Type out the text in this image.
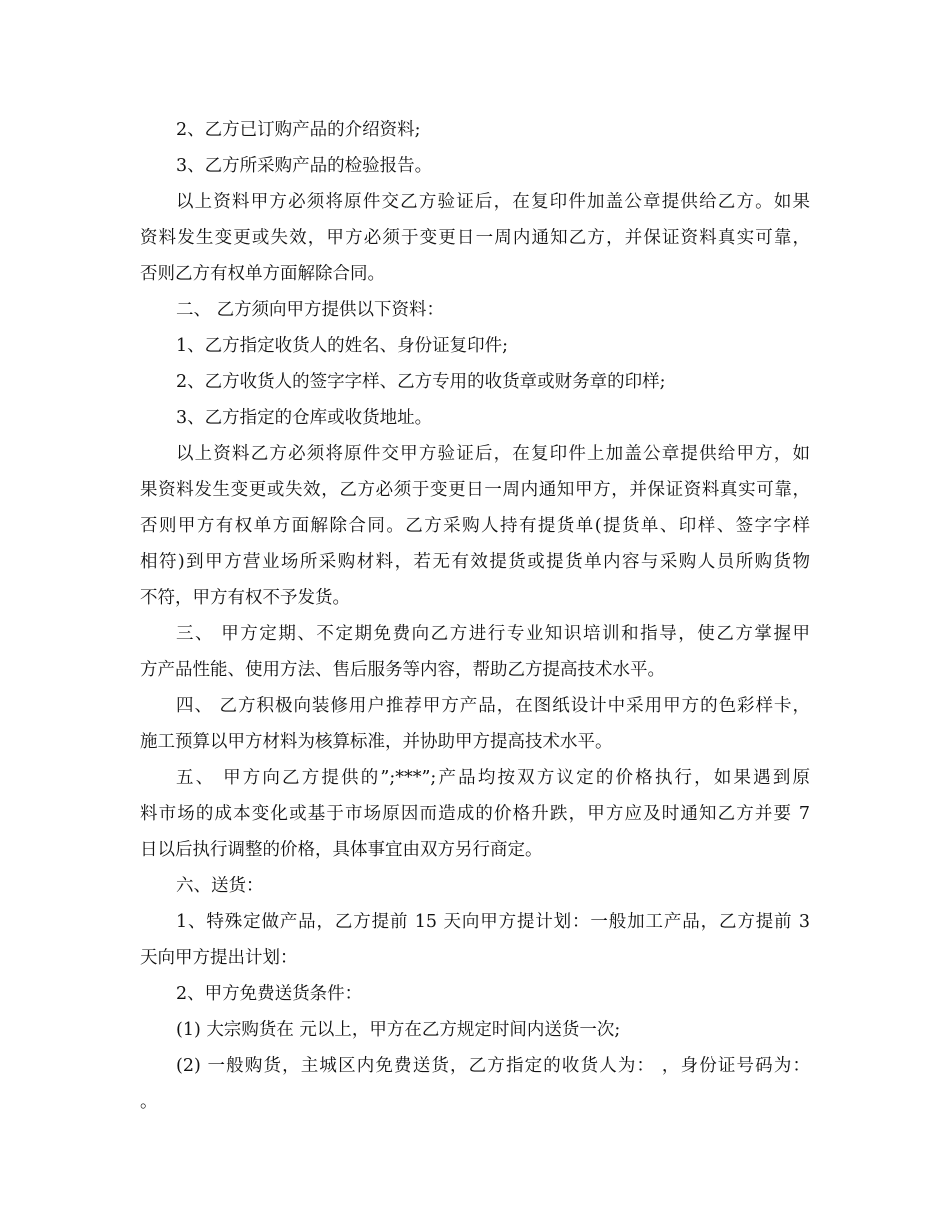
2、乙方已订购产品的介绍资料;
3、乙方所采购产品的检验报告。
以上资料甲方必须将原件交乙方验证后，在复印件加盖公章提供给乙方。如果
资料发生变更或失效，甲方必须于变更日一周内通知乙方，并保证资料真实可靠，
否则乙方有权单方面解除合同。
二、 乙方须向甲方提供以下资料：
1、乙方指定收货人的姓名、身份证复印件;
2、乙方收货人的签字字样、乙方专用的收货章或财务章的印样;
3、乙方指定的仓库或收货地址。
以上资料乙方必须将原件交甲方验证后，在复印件上加盖公章提供给甲方，如
果资料发生变更或失效，乙方必须于变更日一周内通知甲方，并保证资料真实可靠，
否则甲方有权单方面解除合同。乙方采购人持有提货单(提货单、印样、签字字样
相符)到甲方营业场所采购材料，若无有效提货或提货单内容与采购人员所购货物
不符，甲方有权不予发货。
三、 甲方定期、不定期免费向乙方进行专业知识培训和指导，使乙方掌握甲
方产品性能、使用方法、售后服务等内容，帮助乙方提高技术水平。
四、 乙方积极向装修用户推荐甲方产品，在图纸设计中采用甲方的色彩样卡，
施工预算以甲方材料为核算标准，并协助甲方提高技术水平。
五、 甲方向乙方提供的”;***”;产品均按双方议定的价格执行，如果遇到原
料市场的成本变化或基于市场原因而造成的价格升跌，甲方应及时通知乙方并要 7
日以后执行调整的价格，具体事宜由双方另行商定。
六、送货：
1、特殊定做产品，乙方提前 15 天向甲方提计划：一般加工产品，乙方提前 3
天向甲方提出计划：
2、甲方免费送货条件：
(1) 大宗购货在 元以上，甲方在乙方规定时间内送货一次;
(2) 一般购货，主城区内免费送货，乙方指定的收货人为： ，身份证号码为：
。
